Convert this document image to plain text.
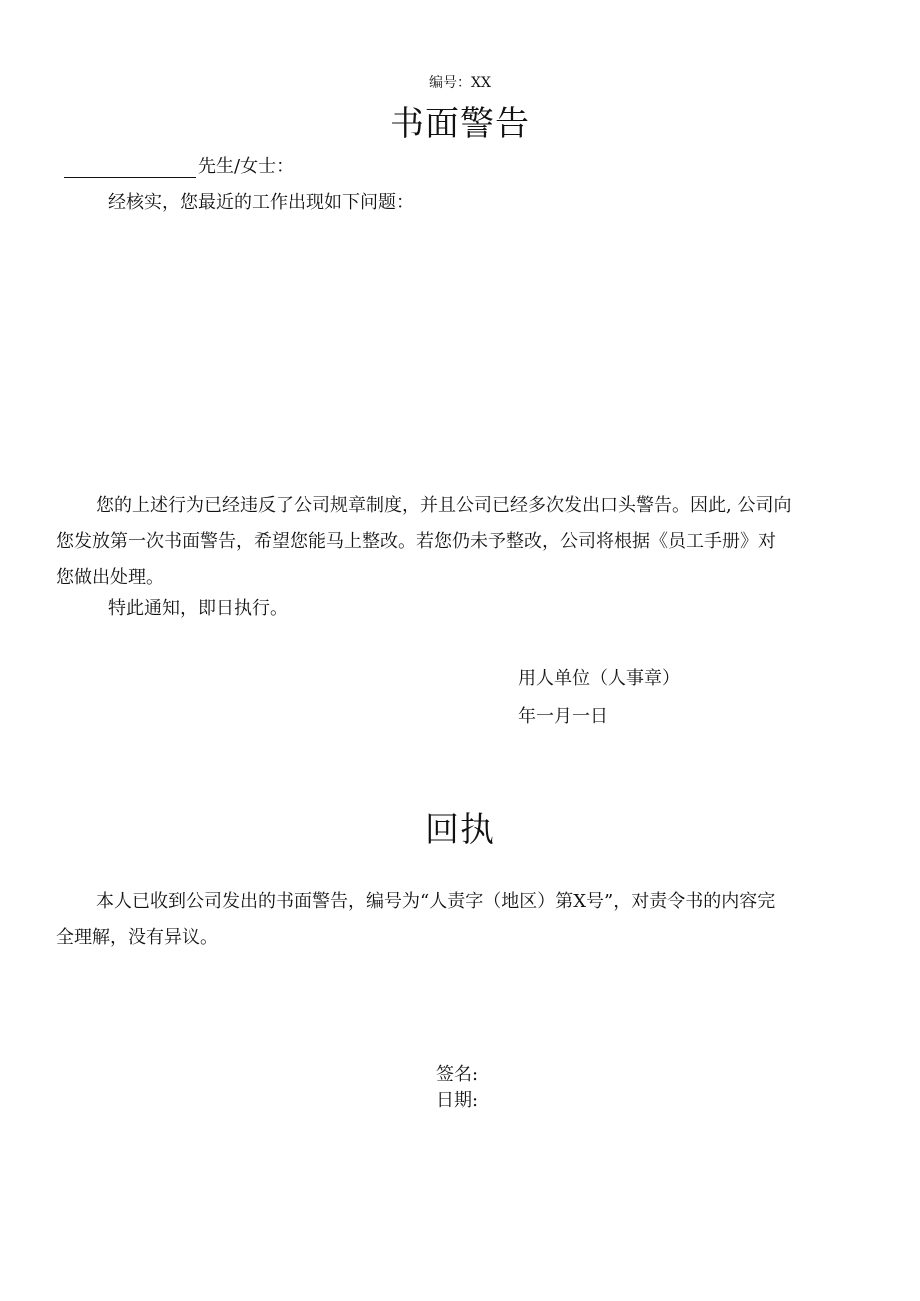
编号：XX
书面警告
先生/女士：
经核实，您最近的工作出现如下问题：
您的上述行为已经违反了公司规章制度，并且公司已经多次发出口头警告。因此, 公司向
您发放第一次书面警告，希望您能马上整改。若您仍未予整改，公司将根据《员工手册》对
您做出处理。
特此通知，即日执行。
用人单位（人事章）
年一月一日
回执
本人已收到公司发出的书面警告，编号为“人责字（地区）第X号”，对责令书的内容完
全理解，没有异议。
签名:
日期:
